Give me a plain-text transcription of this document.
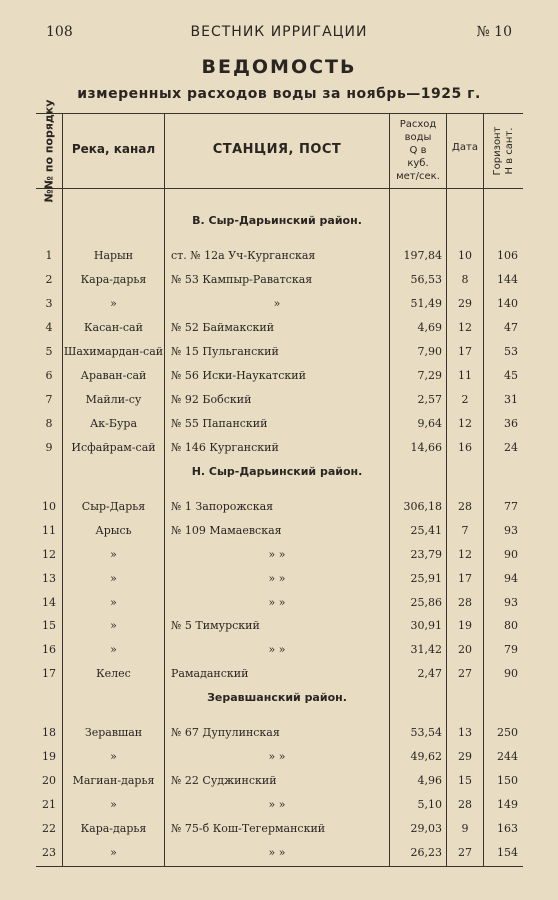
108	ВЕСТНИК ИРРИГАЦИИ	№ 10
ВЕДОМОСТЬ
измеренных расходов воды за ноябрь—1925 г.
№№ по порядку	Река, канал	СТАНЦИЯ, ПОСТ
Расход
воды
Q в
куб.
мет/сек.
Дата	Горизонт
Н в сант.
В. Сыр-Дарьинский район.
1	Нарын	ст. № 12а Уч-Курганская	197,84	10	106
2	Кара-дарья	№ 53 Кампыр-Раватская	56,53	8	144
3	»	»	51,49	29	140
4	Касан-сай	№ 52 Баймакский	4,69	12	47
5	Шахимардан-сай № 15 Пульганский	7,90	17	53
6	Араван-сай	№ 56 Иски-Наукатский	7,29	11	45
7	Майли-су	№ 92 Бобский	2,57	2	31
8	Ак-Бура	№ 55 Папанский	9,64	12	36
9	Исфайрам-сай	№ 146 Курганский	14,66	16	24
Н. Сыр-Дарьинский район.
10	Сыр-Дарья	№ 1 Запорожская	306,18	28	77
11	Арысь	№ 109 Мамаевская	25,41	7	93
12	»	» »	23,79	12	90
13	»	» »	25,91	17	94
14	»	» »	25,86	28	93
15	»	№ 5 Тимурский	30,91	19	80
16	»	» »	31,42	20	79
17	Келес	Рамаданский	2,47	27	90
Зеравшанский район.
18	Зеравшан	№ 67 Дупулинская	53,54	13	250
19	»	» »	49,62	29	244
20	Магиан-дарья	№ 22 Суджинский	4,96	15	150
21	»	» »	5,10	28	149
22	Кара-дарья	№ 75-б Кош-Тегерманский	29,03	9	163
23	»	» »	26,23	27	154
